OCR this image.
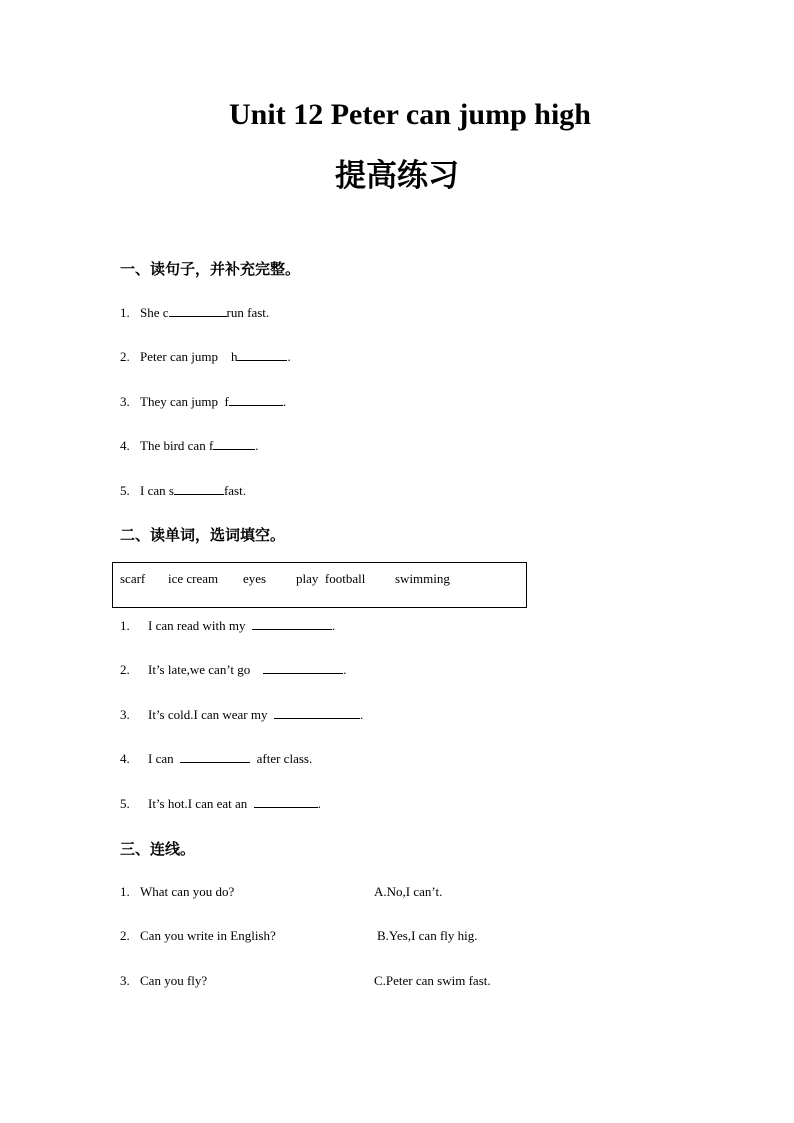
Unit 12 Peter can jump high
提高练习
一、读句子，并补充完整。
1. She c	run fast.
2. Peter can jump    h	.
3. They can jump  f	.
4. The bird can f	.
5. I can s	fast.
二、读单词，选词填空。
scarf ice cream eyes play  football swimming
1. I can read with my	.
2. It’s late,we can’t go	.
3. It’s cold.I can wear my	.
4. I can	after class.
5. It’s hot.I can eat an	.
三、连线。
1. What can you do?	A.No,I can’t.
2. Can you write in English?	B.Yes,I can fly hig.
3. Can you fly?	C.Peter can swim fast.
